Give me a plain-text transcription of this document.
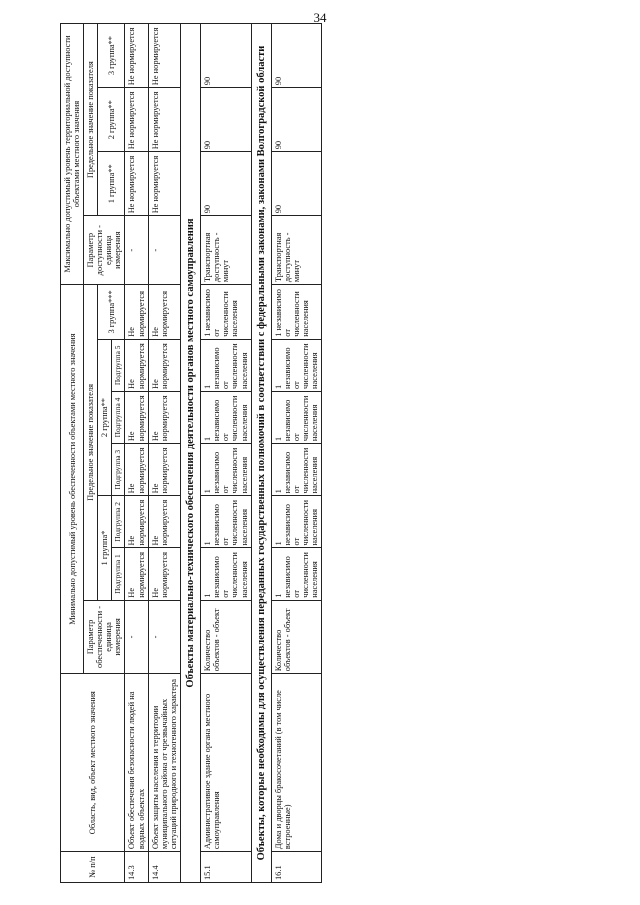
34
№ п/п	Область, вид, объект местного значения	Минимально допустимый уровень обеспеченности объектами местного значения							Максимально допустимый уровень территориальной доступности объектами местного значения			
		Параметр обеспеченности - единица измерения	Предельное значение показателя						Параметр доступности - единица измерения	Предельное значение показателя		
			1 группа*		2 группа**			3 группа***		1 группа**	2 группа**	3 группа**
			Подгруппа 1	Подгруппа 2	Подгруппа 3	Подгруппа 4	Подгруппа 5					
14.3	Объект обеспечения безопасности людей на водных объектах	-	Не нормируется	Не нормируется	Не нормируется	Не нормируется	Не нормируется	Не нормируется	-	Не нормируется	Не нормируется	Не нормируется
14.4	Объект защиты населения и территории муниципального района от чрезвычайных ситуаций природного и техногенного характера	-	Не нормируется	Не нормируется	Не нормируется	Не нормируется	Не нормируется	Не нормируется	-	Не нормируется	Не нормируется	Не нормируется
Объекты материально-технического обеспечения деятельности органов местного самоуправления												
15.1	Административное здание органа местного самоуправления	Количество объектов - объект	1 независимо от численности населения	1 независимо от численности населения	1 независимо от численности населения	1 независимо от численности населения	1 независимо от численности населения	1 независимо от численности населения	Транспортная доступность - минут	90	90	90
Объекты, которые необходимы для осуществления переданных государственных полномочий в соответствии с федеральными законами, законами Волгоградской области												
16.1	Дома и дворцы бракосочетаний (в том числе встроенные)	Количество объектов - объект	1 независимо от численности населения	1 независимо от численности населения	1 независимо от численности населения	1 независимо от численности населения	1 независимо от численности населения	1 независимо от численности населения	Транспортная доступность - минут	90	90	90
